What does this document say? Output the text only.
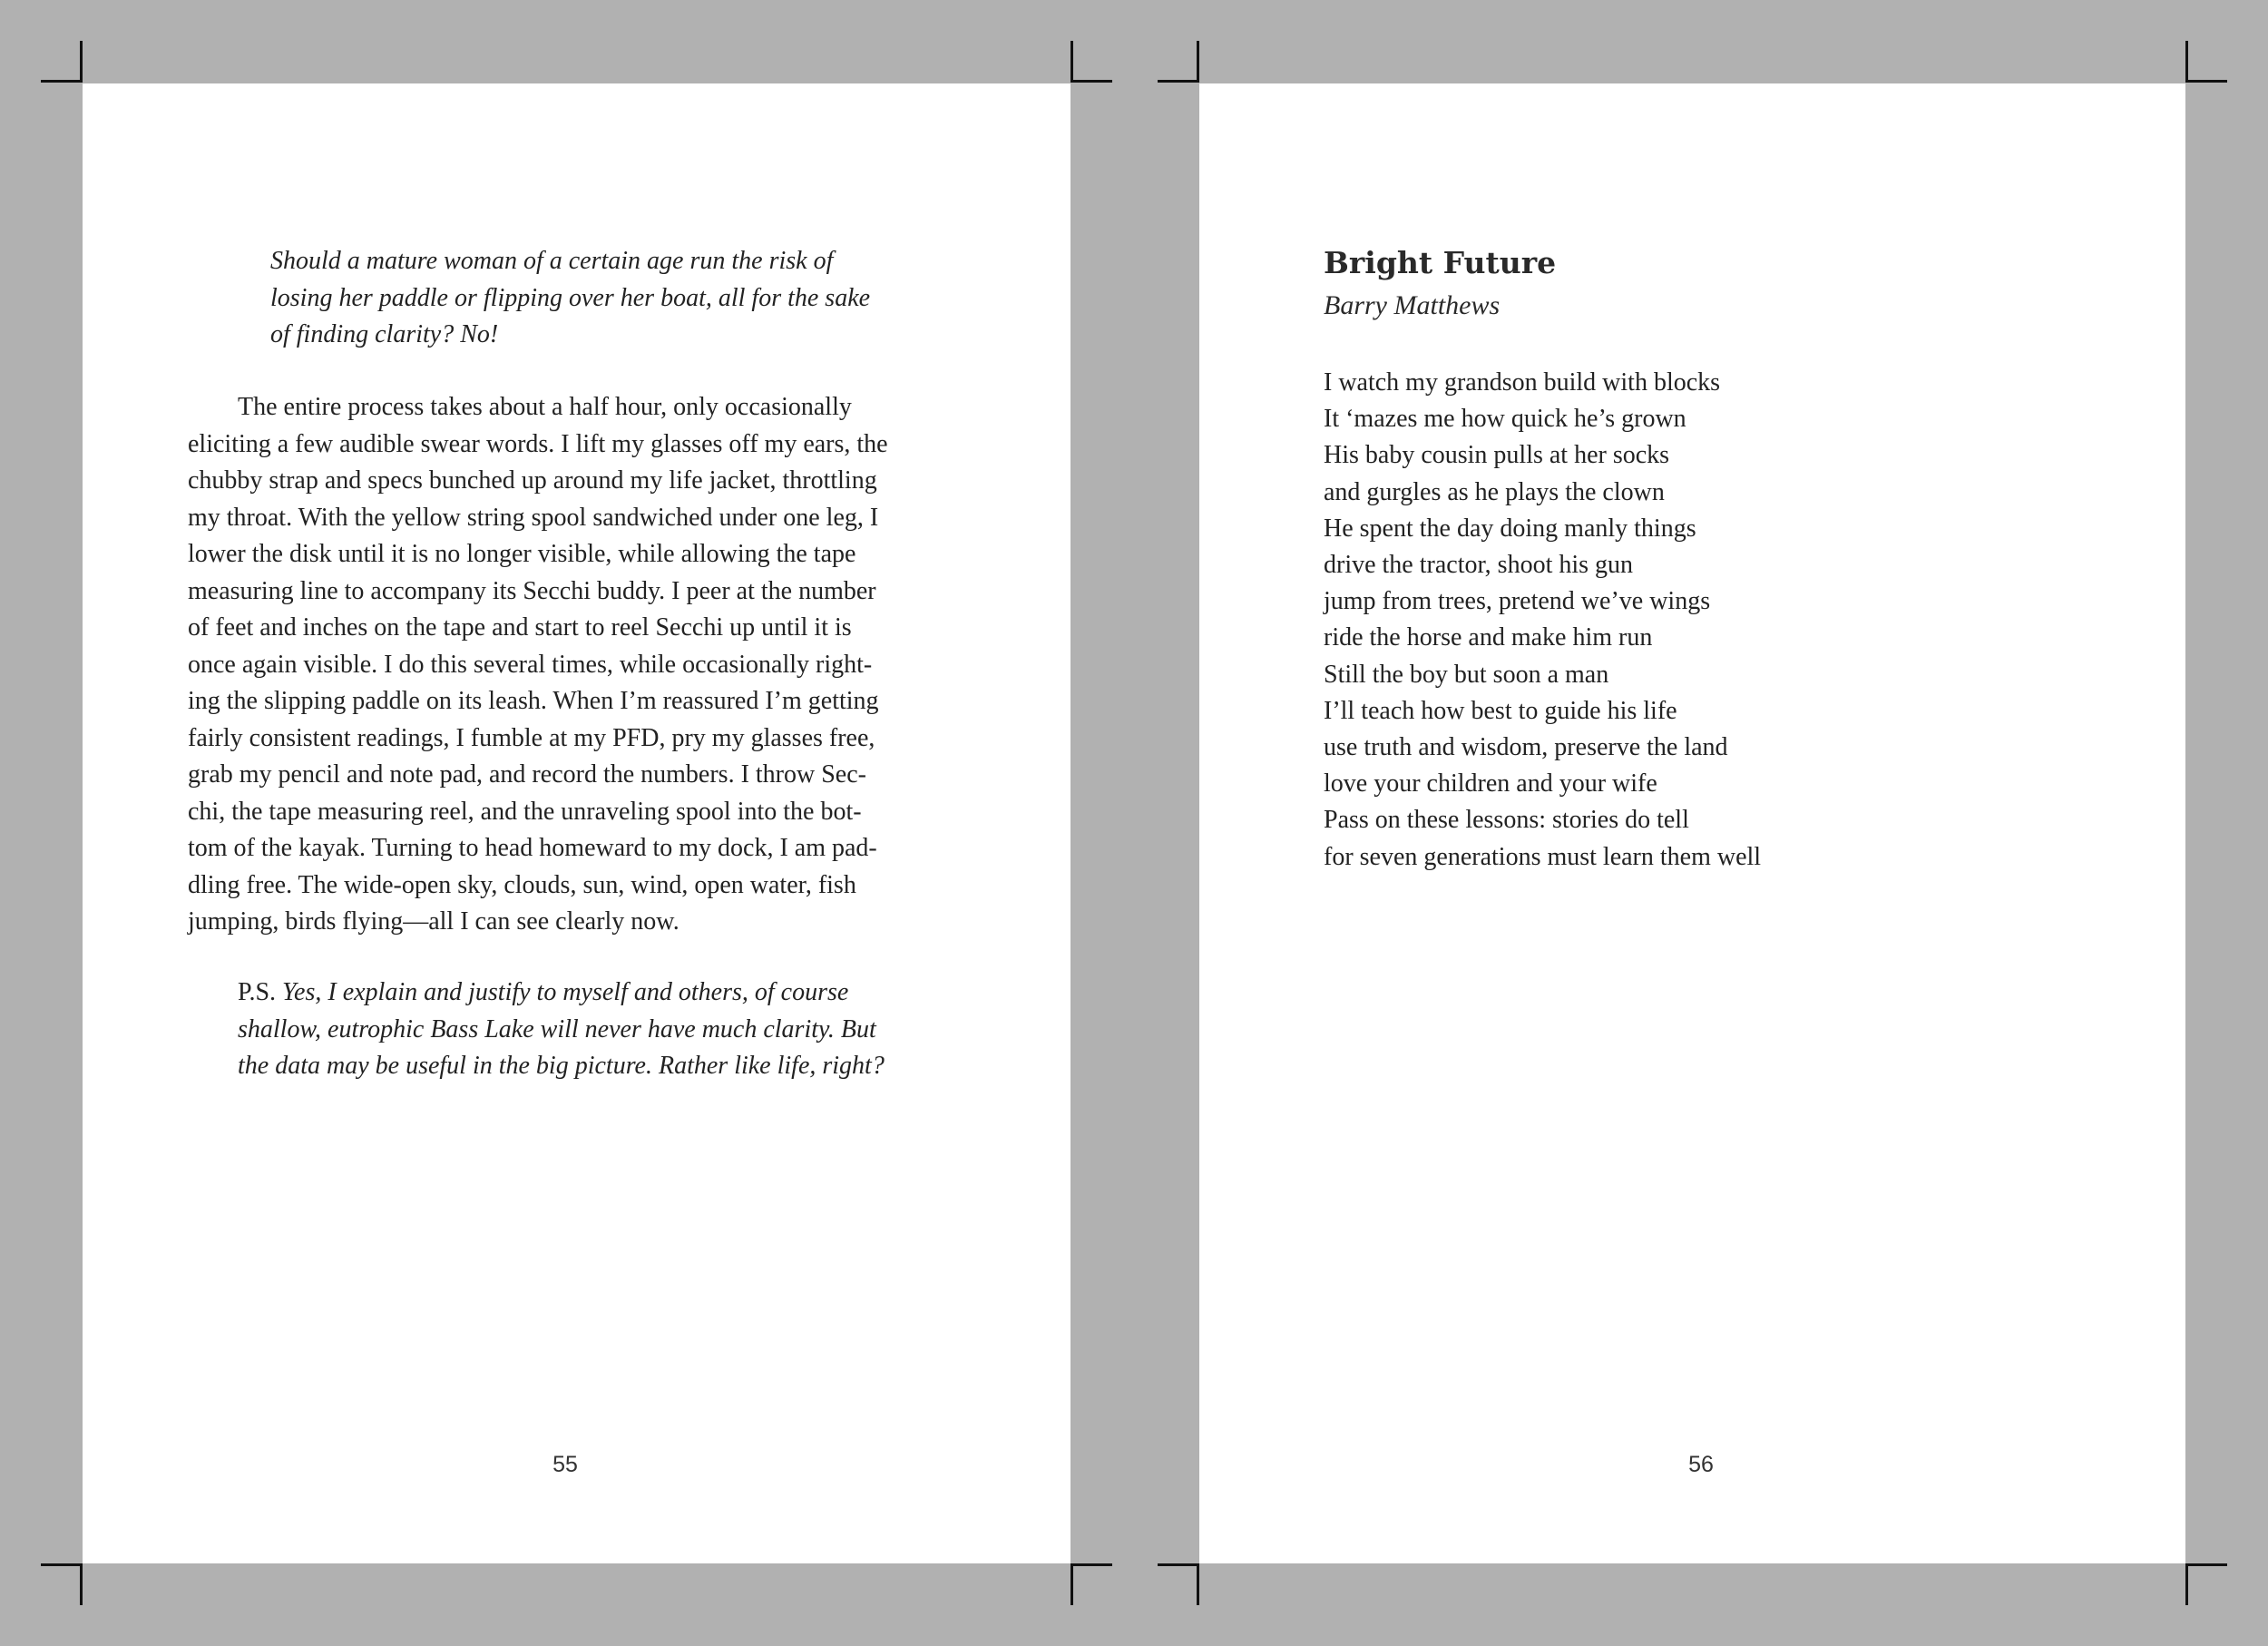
Should a mature woman of a certain age run the risk of
losing her paddle or flipping over her boat, all for the sake
of finding clarity? No!
The entire process takes about a half hour, only occasionally
eliciting a few audible swear words. I lift my glasses off my ears, the
chubby strap and specs bunched up around my life jacket, throttling
my throat. With the yellow string spool sandwiched under one leg, I
lower the disk until it is no longer visible, while allowing the tape
measuring line to accompany its Secchi buddy. I peer at the number
of feet and inches on the tape and start to reel Secchi up until it is
once again visible. I do this several times, while occasionally right-
ing the slipping paddle on its leash. When I’m reassured I’m getting
fairly consistent readings, I fumble at my PFD, pry my glasses free,
grab my pencil and note pad, and record the numbers. I throw Sec-
chi, the tape measuring reel, and the unraveling spool into the bot-
tom of the kayak. Turning to head homeward to my dock, I am pad-
dling free. The wide-open sky, clouds, sun, wind, open water, fish
jumping, birds flying—all I can see clearly now.
P.S. Yes, I explain and justify to myself and others, of course
shallow, eutrophic Bass Lake will never have much clarity. But
the data may be useful in the big picture. Rather like life, right?
55
Bright Future

Barry Matthews

I watch my grandson build with blocks
It ‘mazes me how quick he’s grown
His baby cousin pulls at her socks
and gurgles as he plays the clown
He spent the day doing manly things
drive the tractor, shoot his gun
jump from trees, pretend we’ve wings
ride the horse and make him run
Still the boy but soon a man
I’ll teach how best to guide his life
use truth and wisdom, preserve the land
love your children and your wife
Pass on these lessons: stories do tell
for seven generations must learn them well
56
